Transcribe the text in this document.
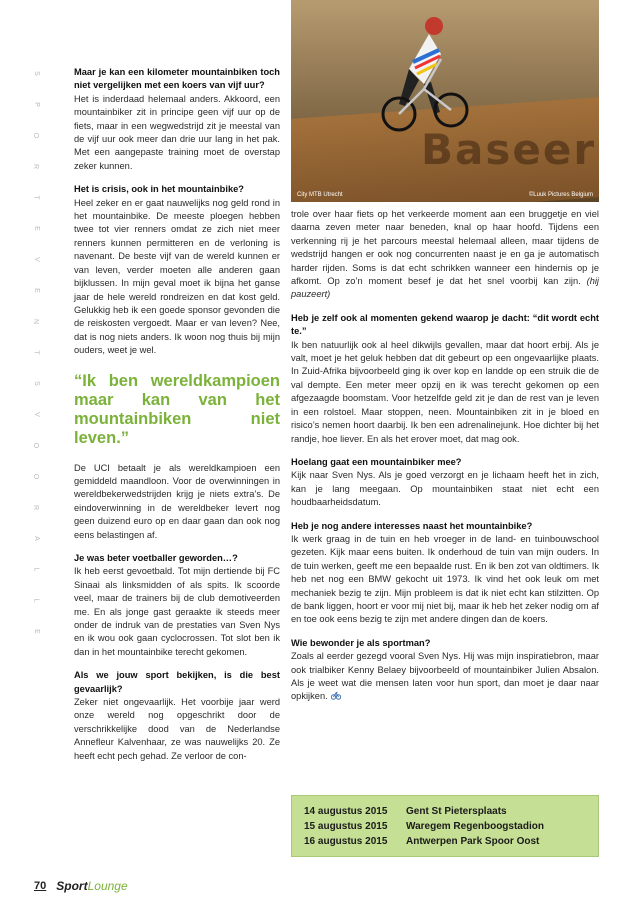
S
P
O
R
T
E
V
E
N
T
S
V
O
O
R
A
L
L
E
Baseer
City MTB Utrecht	©Luuk Pictures Belgium

Maar je kan een kilometer mountainbiken toch niet vergelijken met een koers van vijf uur?

Het is inderdaad helemaal anders. Akkoord, een mountainbiker zit in principe geen vijf uur op de fiets, maar in een wegwedstrijd zit je meestal van de vijf uur ook meer dan drie uur lang in het pak. Met een aangepaste training moet de overstap zeker kunnen.

Het is crisis, ook in het mountainbike?

Heel zeker en er gaat nauwelijks nog geld rond in het mountainbike. De meeste ploegen hebben twee tot vier renners omdat ze zich niet meer renners kunnen permitteren en de verloning is navenant. De beste vijf van de wereld kunnen er van leven, verder moeten alle anderen gaan bijklussen. In mijn geval moet ik bijna het ganse jaar de hele wereld rondreizen en dat kost geld. Gelukkig heb ik een goede sponsor gevonden die de reiskosten vergoedt. Maar er van leven? Nee, dat is nog niets anders. Ik woon nog thuis bij mijn ouders, weet je wel.

“Ik ben wereldkampioen maar kan van het mountainbiken niet leven.”

De UCI betaalt je als wereldkampioen een gemiddeld maandloon. Voor de overwinningen in wereldbekerwedstrijden krijg je niets extra’s. De eindoverwinning in de wereldbeker levert nog geen duizend euro op en daar gaan dan ook nog eens belastingen af.

Je was beter voetballer geworden…?

Ik heb eerst gevoetbald. Tot mijn dertiende bij FC Sinaai als linksmidden of als spits. Ik scoorde veel, maar de trainers bij de club demotiveerden me. En als jonge gast geraakte ik steeds meer onder de indruk van de prestaties van Sven Nys en ik wou ook gaan cyclocrossen. Tot slot ben ik dan in het mountainbike terecht gekomen.

Als we jouw sport bekijken, is die best gevaarlijk?

Zeker niet ongevaarlijk. Het voorbije jaar werd onze wereld nog opgeschrikt door de verschrikkelijke dood van de Nederlandse Annefleur Kalvenhaar, ze was nauwelijks 20. Ze heeft echt pech gehad. Ze verloor de con-

trole over haar fiets op het verkeerde moment aan een bruggetje en viel daarna zeven meter naar beneden, knal op haar hoofd. Tijdens een verkenning rij je het parcours meestal helemaal alleen, maar tijdens de wedstrijd hangen er ook nog concurrenten naast je en ga je automatisch harder rijden. Soms is dat echt schrikken wanneer een hindernis op je afkomt. Op zo’n moment besef je dat het snel voorbij kan zijn. (hij pauzeert)

Heb je zelf ook al momenten gekend waarop je dacht: “dit wordt echt te.”

Ik ben natuurlijk ook al heel dikwijls gevallen, maar dat hoort erbij. Als je valt, moet je het geluk hebben dat dit gebeurt op een ongevaarlijke plaats. In Zuid-Afrika bijvoorbeeld ging ik over kop en landde op een struik die de val dempte. Een meter meer opzij en ik was terecht gekomen op een afgezaagde boomstam. Voor hetzelfde geld zit je dan de rest van je leven in een rolstoel. Maar stoppen, neen. Mountainbiken zit in je bloed en risico’s nemen hoort daarbij. Ik ben een adrenalinejunk. Hoe dichter bij het randje, hoe liever. En als het erover moet, dat mag ook.

Hoelang gaat een mountainbiker mee?

Kijk naar Sven Nys. Als je goed verzorgt en je lichaam heeft het in zich, kan je lang meegaan. Op mountainbiken staat niet echt een houdbaarheidsdatum.

Heb je nog andere interesses naast het mountainbike?

Ik werk graag in de tuin en heb vroeger in de land- en tuinbouwschool gezeten. Kijk maar eens buiten. Ik onderhoud de tuin van mijn ouders. In de tuin werken, geeft me een bepaalde rust. En ik ben zot van oldtimers. Ik heb net nog een BMW gekocht uit 1973. Ik vind het ook leuk om met mechaniek bezig te zijn. Mijn probleem is dat ik niet echt kan stilzitten. Op de bank liggen, hoort er voor mij niet bij, maar ik heb het zeker nodig om af en toe ook eens bezig te zijn met andere dingen dan de koers.

Wie bewonder je als sportman?

Zoals al eerder gezegd vooral Sven Nys. Hij was mijn inspiratiebron, maar ook trialbiker Kenny Belaey bijvoorbeeld of mountainbiker Julien Absalon. Als je weet wat die mensen laten voor hun sport, dan moet je daar naar opkijken.

14 augustus 2015	Gent St Pietersplaats
15 augustus 2015	Waregem Regenboogstadion
16 augustus 2015	Antwerpen Park Spoor Oost
70 SportLounge
